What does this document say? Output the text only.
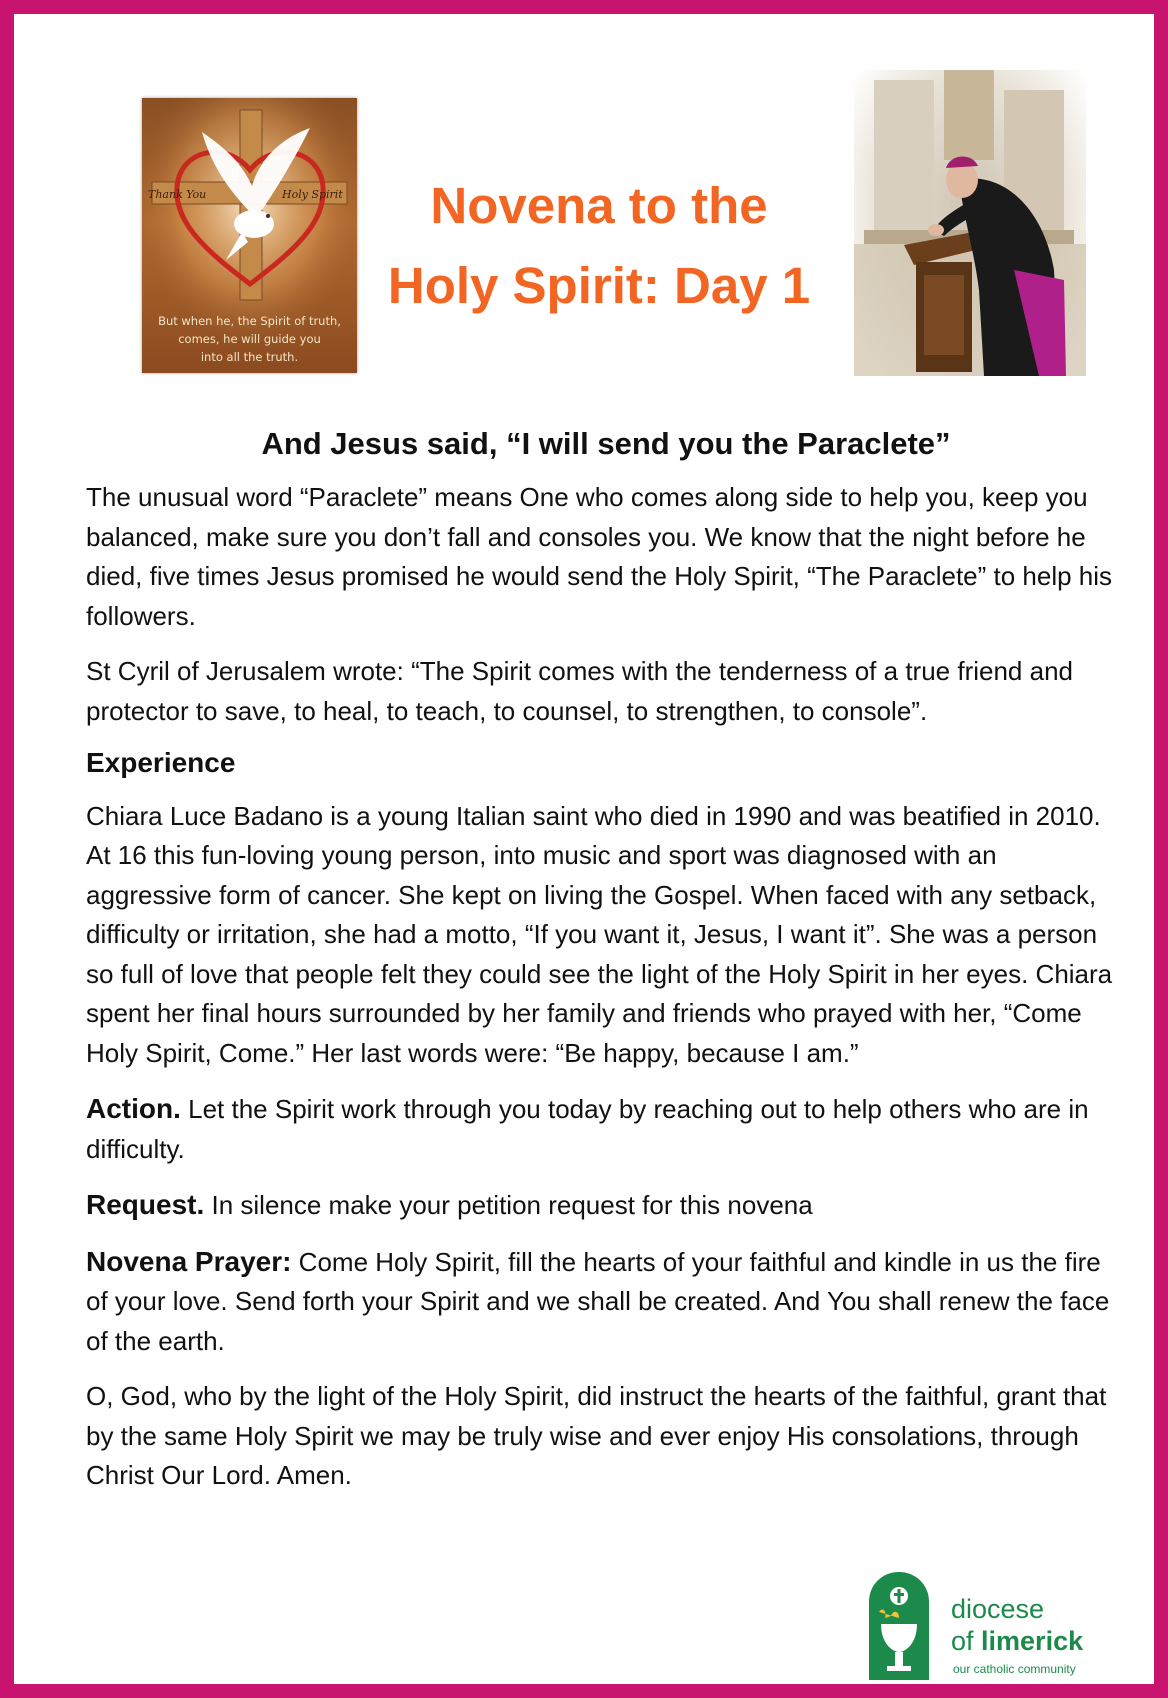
Thank You	Holy Spirit
But when he, the Spirit of truth,
comes, he will guide you
into all the truth.
Novena to the
Holy Spirit: Day 1
And Jesus said, “I will send you the Paraclete”

The unusual word “Paraclete” means One who comes along side to help you, keep you balanced, make sure you don’t fall and consoles you. We know that the night before he died, five times Jesus promised he would send the Holy Spirit, “The Paraclete” to help his followers.

St Cyril of Jerusalem wrote: “The Spirit comes with the tenderness of a true friend and protector to save, to heal, to teach, to counsel, to strengthen, to console”.

Experience

Chiara Luce Badano is a young Italian saint who died in 1990 and was beatified in 2010. At 16 this fun-loving young person, into music and sport was diagnosed with an aggressive form of cancer. She kept on living the Gospel. When faced with any setback, difficulty or irritation, she had a motto, “If you want it, Jesus, I want it”. She was a person so full of love that people felt they could see the light of the Holy Spirit in her eyes. Chiara spent her final hours surrounded by her family and friends who prayed with her, “Come Holy Spirit, Come.” Her last words were: “Be happy, because I am.”

Action. Let the Spirit work through you today by reaching out to help others who are in difficulty.

Request. In silence make your petition request for this novena

Novena Prayer: Come Holy Spirit, fill the hearts of your faithful and kindle in us the fire of your love. Send forth your Spirit and we shall be created. And You shall renew the face of the earth.

O, God, who by the light of the Holy Spirit, did instruct the hearts of the faithful, grant that by the same Holy Spirit we may be truly wise and ever enjoy His consolations, through Christ Our Lord. Amen.

diocese
of limerick
our catholic community
